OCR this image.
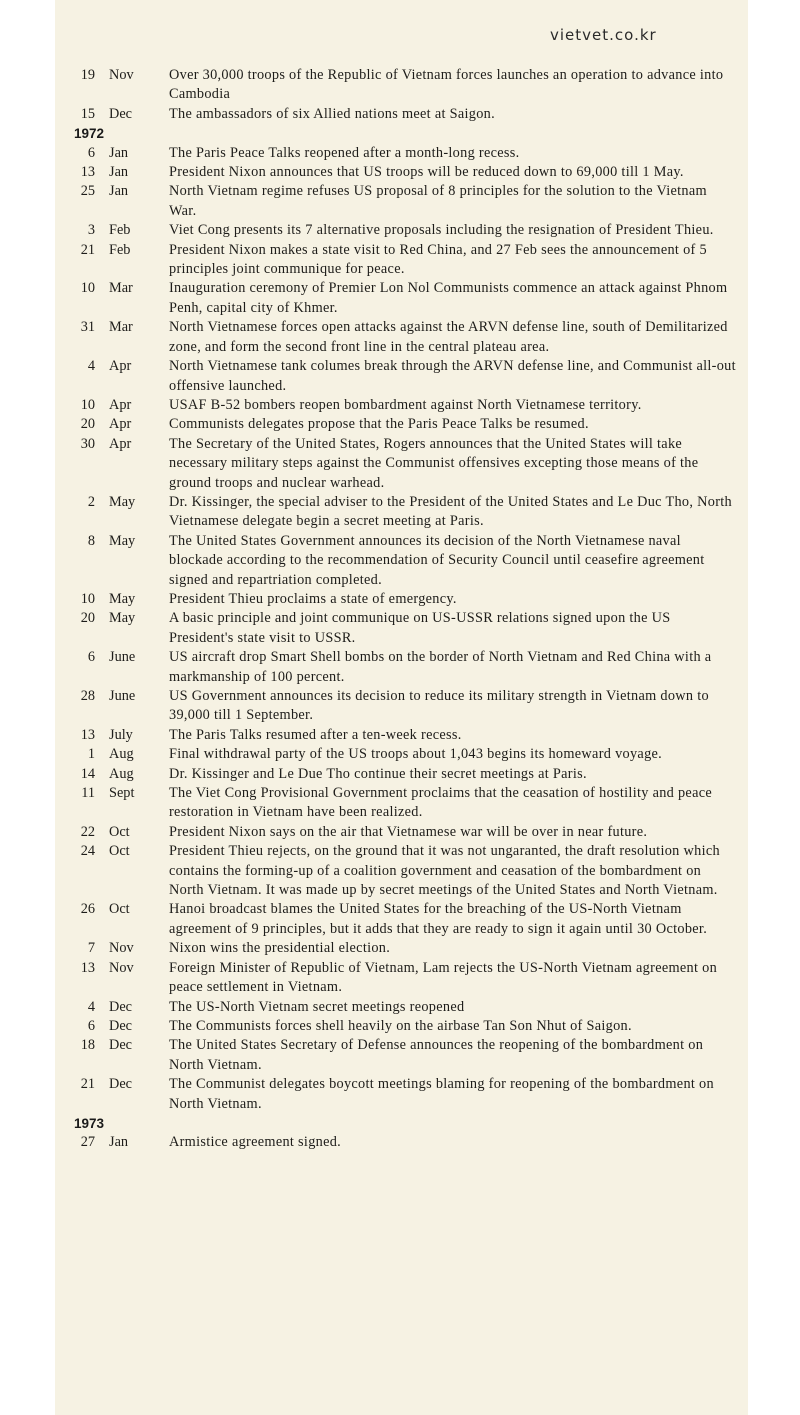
vietvet.co.kr
19 Nov Over 30,000 troops of the Republic of Vietnam forces launches an operation to advance into Cambodia
15 Dec	The ambassadors of six Allied nations meet at Saigon.
1972
6 Jan	The Paris Peace Talks reopened after a month-long recess.
13 Jan	President Nixon announces that US troops will be reduced down to 69,000 till 1 May.
25 Jan	North Vietnam regime refuses US proposal of 8 principles for the solution to the Vietnam War.
3 Feb	Viet Cong presents its 7 alternative proposals including the resignation of President Thieu.
21 Feb	President Nixon makes a state visit to Red China, and 27 Feb sees the announcement of 5 principles joint communique for peace.
10 Mar	Inauguration ceremony of Premier Lon Nol Communists commence an attack against Phnom Penh, capital city of Khmer.
31 Mar	North Vietnamese forces open attacks against the ARVN defense line, south of Demilitarized zone, and form the second front line in the central plateau area.
4 Apr	North Vietnamese tank columes break through the ARVN defense line, and Communist all-out offensive launched.
10 Apr	USAF B-52 bombers reopen bombardment against North Vietnamese territory.
20 Apr	Communists delegates propose that the Paris Peace Talks be resumed.
30 Apr	The Secretary of the United States, Rogers announces that the United States will take necessary military steps against the Communist offensives excepting those means of the ground troops and nuclear warhead.
2 May Dr. Kissinger, the special adviser to the President of the United States and Le Duc Tho, North Vietnamese delegate begin a secret meeting at Paris.
8 May The United States Government announces its decision of the North Vietnamese naval blockade according to the recommendation of Security Council until ceasefire agreement signed and repartriation completed.
10 May President Thieu proclaims a state of emergency.
20 May A basic principle and joint communique on US-USSR relations signed upon the US President's state visit to USSR.
6 June US aircraft drop Smart Shell bombs on the border of North Vietnam and Red China with a markmanship of 100 percent.
28 June US Government announces its decision to reduce its military strength in Vietnam down to 39,000 till 1 September.
13 July	The Paris Talks resumed after a ten-week recess.
1 Aug Final withdrawal party of the US troops about 1,043 begins its homeward voyage.
14 Aug Dr. Kissinger and Le Due Tho continue their secret meetings at Paris.
11 Sept The Viet Cong Provisional Government proclaims that the ceasation of hostility and peace restoration in Vietnam have been realized.
22 Oct	President Nixon says on the air that Vietnamese war will be over in near future.
24 Oct	President Thieu rejects, on the ground that it was not ungaranted, the draft resolution which contains the forming-up of a coalition government and ceasation of the bombardment on North Vietnam. It was made up by secret meetings of the United States and North Vietnam.
26 Oct	Hanoi broadcast blames the United States for the breaching of the US-North Vietnam agreement of 9 principles, but it adds that they are ready to sign it again until 30 October.
7 Nov Nixon wins the presidential election.
13 Nov Foreign Minister of Republic of Vietnam, Lam rejects the US-North Vietnam agreement on peace settlement in Vietnam.
4 Dec	The US-North Vietnam secret meetings reopened
6 Dec	The Communists forces shell heavily on the airbase Tan Son Nhut of Saigon.
18 Dec	The United States Secretary of Defense announces the reopening of the bombardment on North Vietnam.
21 Dec	The Communist delegates boycott meetings blaming for reopening of the bombardment on North Vietnam.
1973
27 Jan	Armistice agreement signed.
